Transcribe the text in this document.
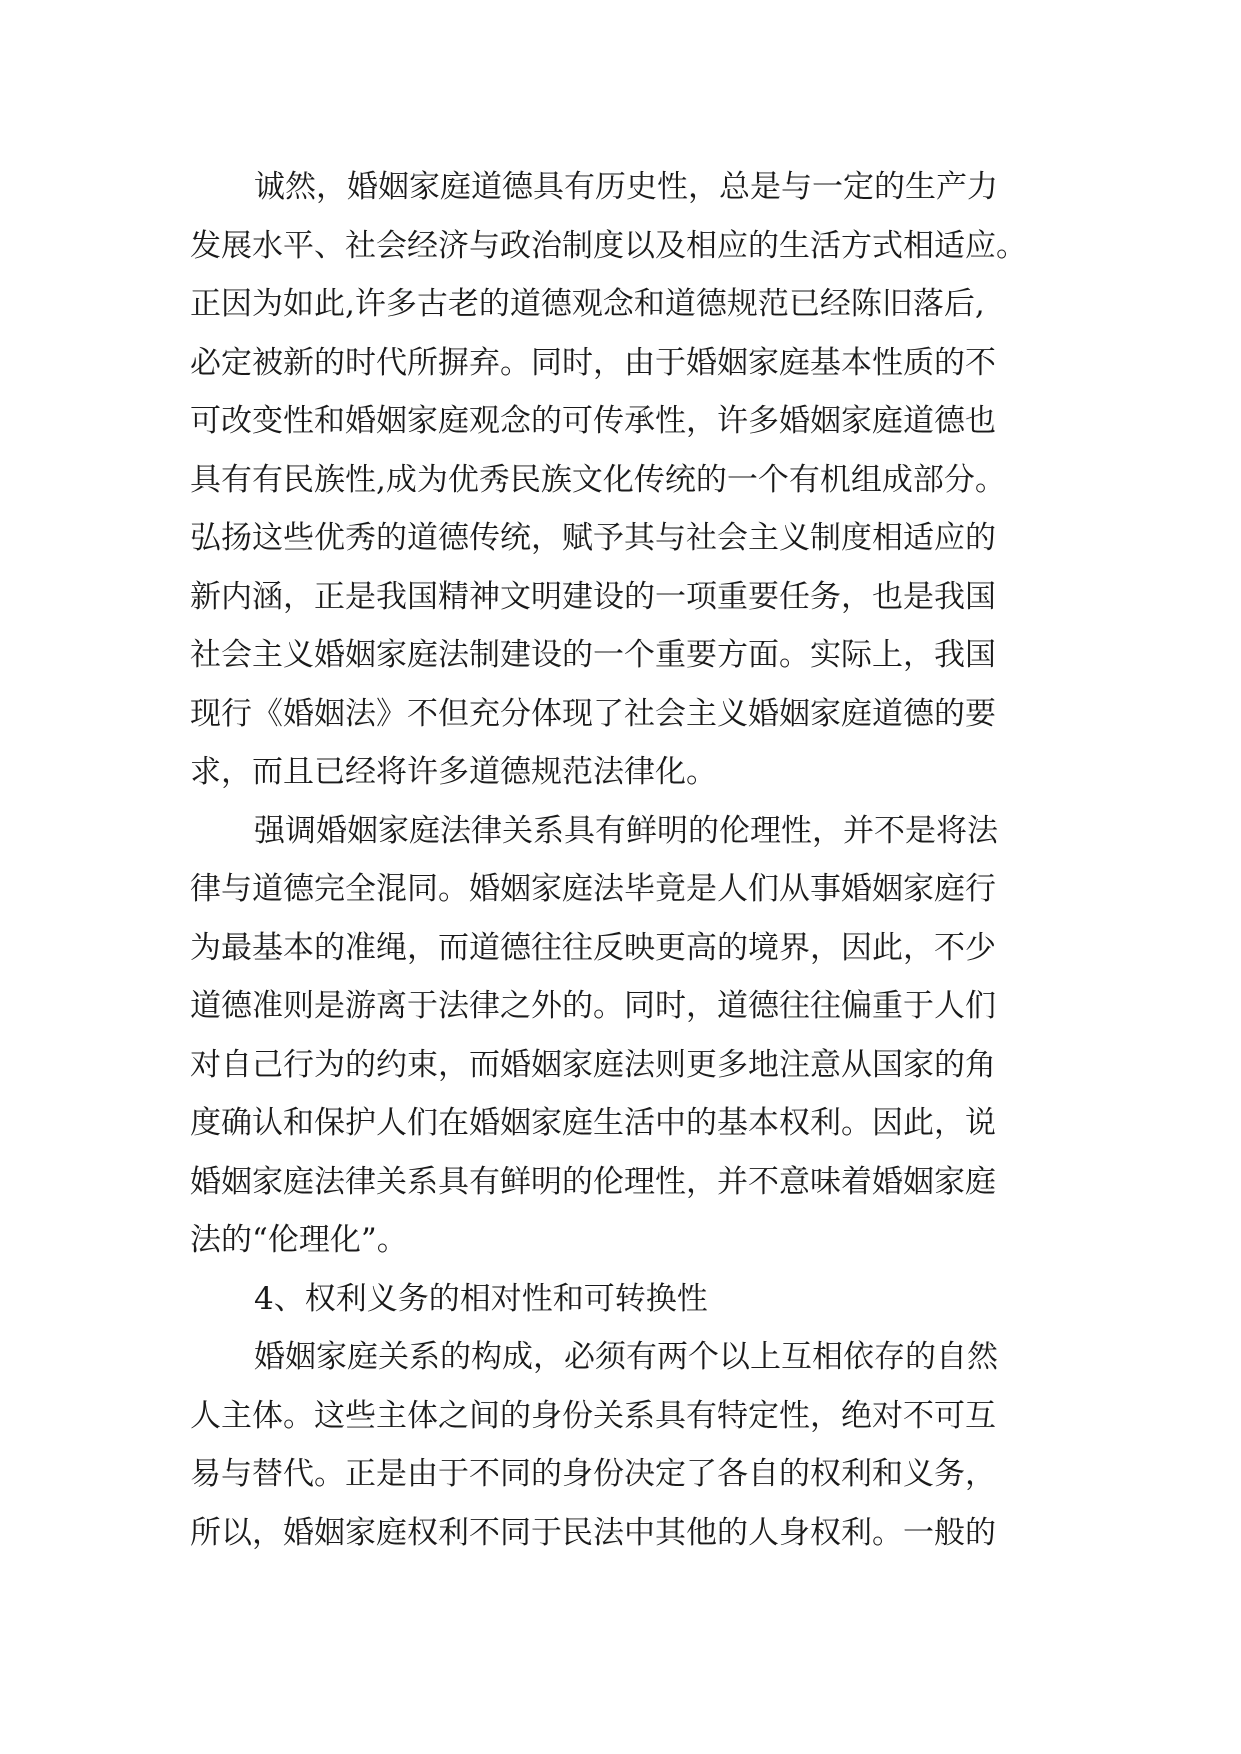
诚然，婚姻家庭道德具有历史性，总是与一定的生产力
发展水平、社会经济与政治制度以及相应的生活方式相适应。
正因为如此,许多古老的道德观念和道德规范已经陈旧落后,
必定被新的时代所摒弃。同时，由于婚姻家庭基本性质的不
可改变性和婚姻家庭观念的可传承性，许多婚姻家庭道德也
具有有民族性,成为优秀民族文化传统的一个有机组成部分。
弘扬这些优秀的道德传统，赋予其与社会主义制度相适应的
新内涵，正是我国精神文明建设的一项重要任务，也是我国
社会主义婚姻家庭法制建设的一个重要方面。实际上，我国
现行《婚姻法》不但充分体现了社会主义婚姻家庭道德的要
求，而且已经将许多道德规范法律化。
强调婚姻家庭法律关系具有鲜明的伦理性，并不是将法
律与道德完全混同。婚姻家庭法毕竟是人们从事婚姻家庭行
为最基本的准绳，而道德往往反映更高的境界，因此，不少
道德准则是游离于法律之外的。同时，道德往往偏重于人们
对自己行为的约束，而婚姻家庭法则更多地注意从国家的角
度确认和保护人们在婚姻家庭生活中的基本权利。因此，说
婚姻家庭法律关系具有鲜明的伦理性，并不意味着婚姻家庭
法的“伦理化”。
4、权利义务的相对性和可转换性
婚姻家庭关系的构成，必须有两个以上互相依存的自然
人主体。这些主体之间的身份关系具有特定性，绝对不可互
易与替代。正是由于不同的身份决定了各自的权利和义务，
所以，婚姻家庭权利不同于民法中其他的人身权利。一般的
